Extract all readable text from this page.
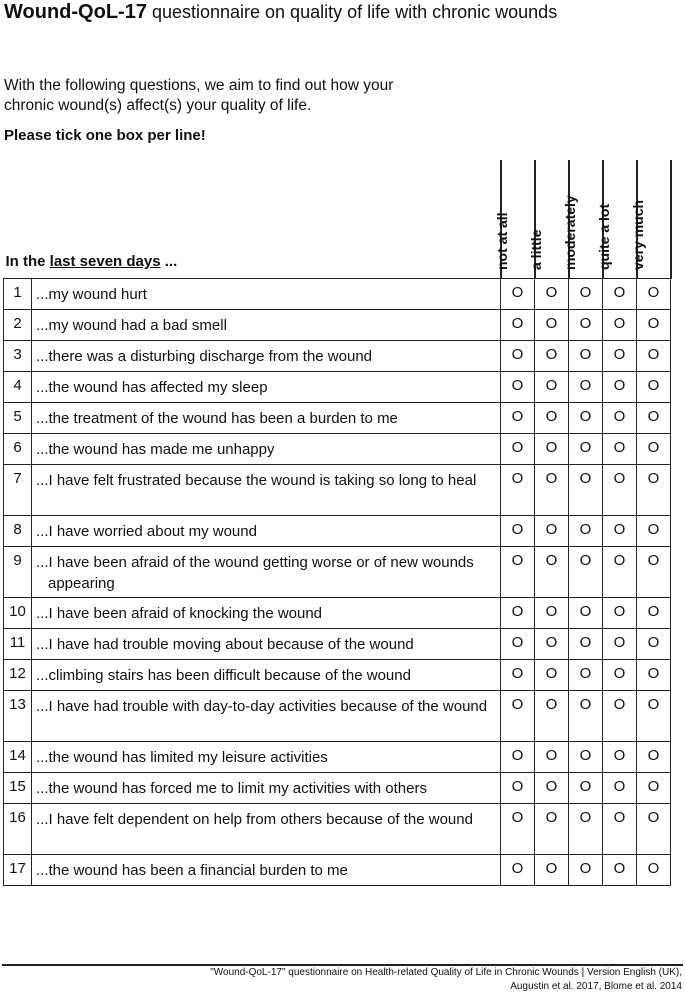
Wound-QoL-17 questionnaire on quality of life with chronic wounds
With the following questions, we aim to find out how your
chronic wound(s) affect(s) your quality of life.
Please tick one box per line!
In the last seven days ...		not at all	a little	moderately	quite a lot	very much

1	...my wound hurt	O	O	O	O	O
2	...my wound had a bad smell	O	O	O	O	O
3	...there was a disturbing discharge from the wound	O	O	O	O	O
4	...the wound has affected my sleep	O	O	O	O	O
5	...the treatment of the wound has been a burden to me	O	O	O	O	O
6	...the wound has made me unhappy	O	O	O	O	O
7	...I have felt frustrated because the wound is taking so long to heal	O	O	O	O	O
8	...I have worried about my wound	O	O	O	O	O
9	...I have been afraid of the wound getting worse or of new wounds appearing	O	O	O	O	O
10	...I have been afraid of knocking the wound	O	O	O	O	O
11	...I have had trouble moving about because of the wound	O	O	O	O	O
12	...climbing stairs has been difficult because of the wound	O	O	O	O	O
13	...I have had trouble with day-to-day activities because of the wound	O	O	O	O	O
14	...the wound has limited my leisure activities	O	O	O	O	O
15	...the wound has forced me to limit my activities with others	O	O	O	O	O
16	...I have felt dependent on help from others because of the wound	O	O	O	O	O
17	...the wound has been a financial burden to me	O	O	O	O	O
"Wound-QoL-17" questionnaire on Health-related Quality of Life in Chronic Wounds | Version English (UK),
Augustin et al. 2017, Blome et al. 2014
